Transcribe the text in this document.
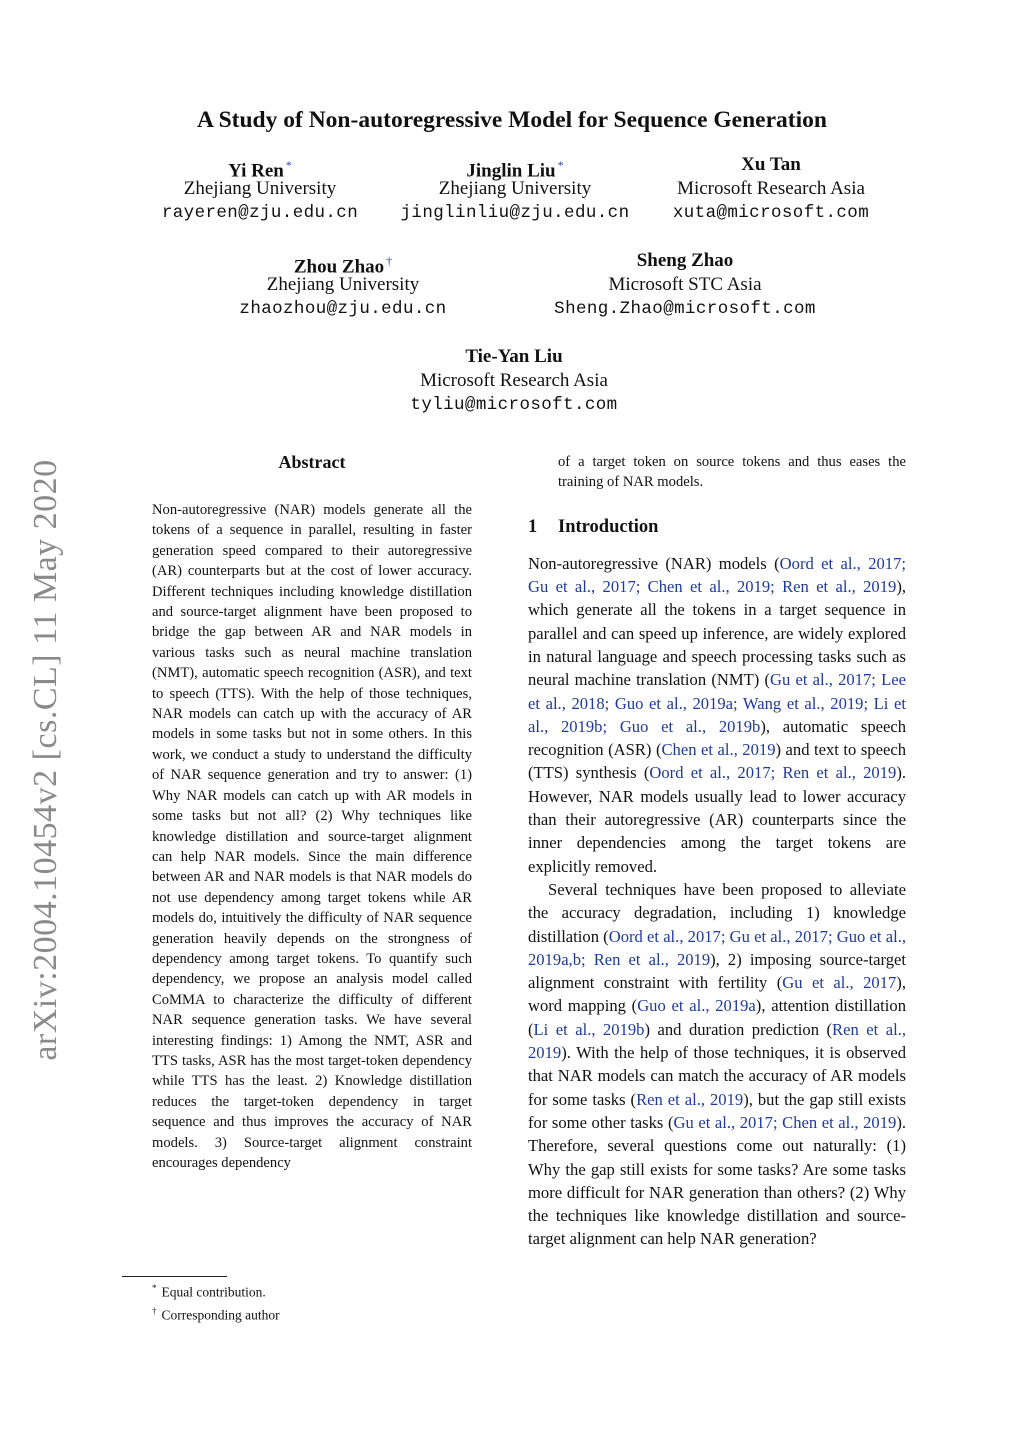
arXiv:2004.10454v2 [cs.CL] 11 May 2020
A Study of Non-autoregressive Model for Sequence Generation
Yi Ren *
Zhejiang University
rayeren@zju.edu.cn
Jinglin Liu *
Zhejiang University
jinglinliu@zju.edu.cn
Xu Tan
Microsoft Research Asia
xuta@microsoft.com
Zhou Zhao †
Zhejiang University
zhaozhou@zju.edu.cn
Sheng Zhao
Microsoft STC Asia
Sheng.Zhao@microsoft.com
Tie-Yan Liu
Microsoft Research Asia
tyliu@microsoft.com
Abstract

Non-autoregressive (NAR) models generate all the tokens of a sequence in parallel, resulting in faster generation speed compared to their autoregressive (AR) counterparts but at the cost of lower accuracy. Different techniques including knowledge distillation and source-target alignment have been proposed to bridge the gap between AR and NAR models in various tasks such as neural machine translation (NMT), automatic speech recognition (ASR), and text to speech (TTS). With the help of those techniques, NAR models can catch up with the accuracy of AR models in some tasks but not in some others. In this work, we conduct a study to understand the difficulty of NAR sequence generation and try to answer: (1) Why NAR models can catch up with AR models in some tasks but not all? (2) Why techniques like knowledge distillation and source-target alignment can help NAR models. Since the main difference between AR and NAR models is that NAR models do not use dependency among target tokens while AR models do, intuitively the difficulty of NAR sequence generation heavily depends on the strongness of dependency among target tokens. To quantify such dependency, we propose an analysis model called CoMMA to characterize the difficulty of different NAR sequence generation tasks. We have several interesting findings: 1) Among the NMT, ASR and TTS tasks, ASR has the most target-token dependency while TTS has the least. 2) Knowledge distillation reduces the target-token dependency in target sequence and thus improves the accuracy of NAR models. 3) Source-target alignment constraint encourages dependency

of a target token on source tokens and thus eases the training of NAR models.

1 Introduction

Non-autoregressive (NAR) models (Oord et al., 2017; Gu et al., 2017; Chen et al., 2019; Ren et al., 2019), which generate all the tokens in a target sequence in parallel and can speed up inference, are widely explored in natural language and speech processing tasks such as neural machine translation (NMT) (Gu et al., 2017; Lee et al., 2018; Guo et al., 2019a; Wang et al., 2019; Li et al., 2019b; Guo et al., 2019b), automatic speech recognition (ASR) (Chen et al., 2019) and text to speech (TTS) synthesis (Oord et al., 2017; Ren et al., 2019). However, NAR models usually lead to lower accuracy than their autoregressive (AR) counterparts since the inner dependencies among the target tokens are explicitly removed.

Several techniques have been proposed to alleviate the accuracy degradation, including 1) knowledge distillation (Oord et al., 2017; Gu et al., 2017; Guo et al., 2019a,b; Ren et al., 2019), 2) imposing source-target alignment constraint with fertility (Gu et al., 2017), word mapping (Guo et al., 2019a), attention distillation (Li et al., 2019b) and duration prediction (Ren et al., 2019). With the help of those techniques, it is observed that NAR models can match the accuracy of AR models for some tasks (Ren et al., 2019), but the gap still exists for some other tasks (Gu et al., 2017; Chen et al., 2019). Therefore, several questions come out naturally: (1) Why the gap still exists for some tasks? Are some tasks more difficult for NAR generation than others? (2) Why the techniques like knowledge distillation and source-target alignment can help NAR generation?

* Equal contribution.
† Corresponding author
